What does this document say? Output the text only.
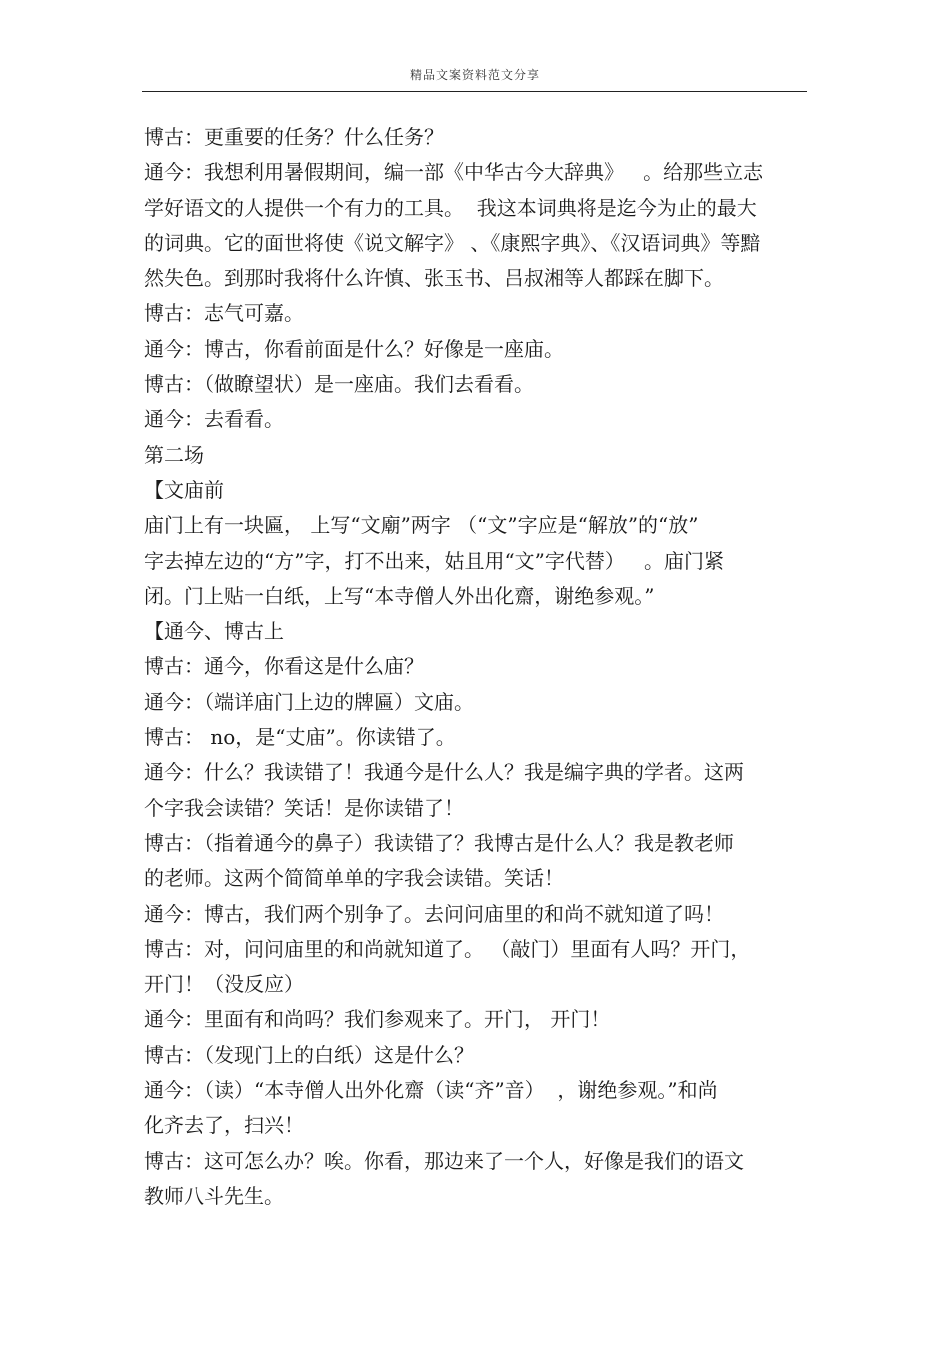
精品文案资料范文分享
博古：更重要的任务？什么任务？
通今：我想利用暑假期间，编一部《中华古今大辞典》   。给那些立志
学好语文的人提供一个有力的工具。  我这本词典将是迄今为止的最大
的词典。它的面世将使《说文解字》 、《康熙字典》、《汉语词典》等黯
然失色。到那时我将什么许慎、张玉书、吕叔湘等人都踩在脚下。
博古：志气可嘉。
通今：博古，你看前面是什么？好像是一座庙。
博古：（做瞭望状）是一座庙。我们去看看。
通今：去看看。
第二场
【文庙前
庙门上有一块匾， 上写“文廟”两字 （“文”字应是“解放”的“放”
字去掉左边的“方”字，打不出来，姑且用“文”字代替）   。庙门紧
闭。门上贴一白纸，上写“本寺僧人外出化齋，谢绝参观。”
【通今、博古上
博古：通今，你看这是什么庙？
通今：（端详庙门上边的牌匾）文庙。
博古： no，是“丈庙”。你读错了。
通今：什么？我读错了！我通今是什么人？我是编字典的学者。这两
个字我会读错？笑话！是你读错了！
博古：（指着通今的鼻子）我读错了？我博古是什么人？我是教老师
的老师。这两个简简单单的字我会读错。笑话！
通今：博古，我们两个别争了。去问问庙里的和尚不就知道了吗！
博古：对，问问庙里的和尚就知道了。 （敲门）里面有人吗？开门，
开门！（没反应）
通今：里面有和尚吗？我们参观来了。开门， 开门！
博古：（发现门上的白纸）这是什么？
通今：（读）“本寺僧人出外化齋（读“齐”音）  ，谢绝参观。”和尚
化齐去了，扫兴！
博古：这可怎么办？唉。你看，那边来了一个人，好像是我们的语文
教师八斗先生。
